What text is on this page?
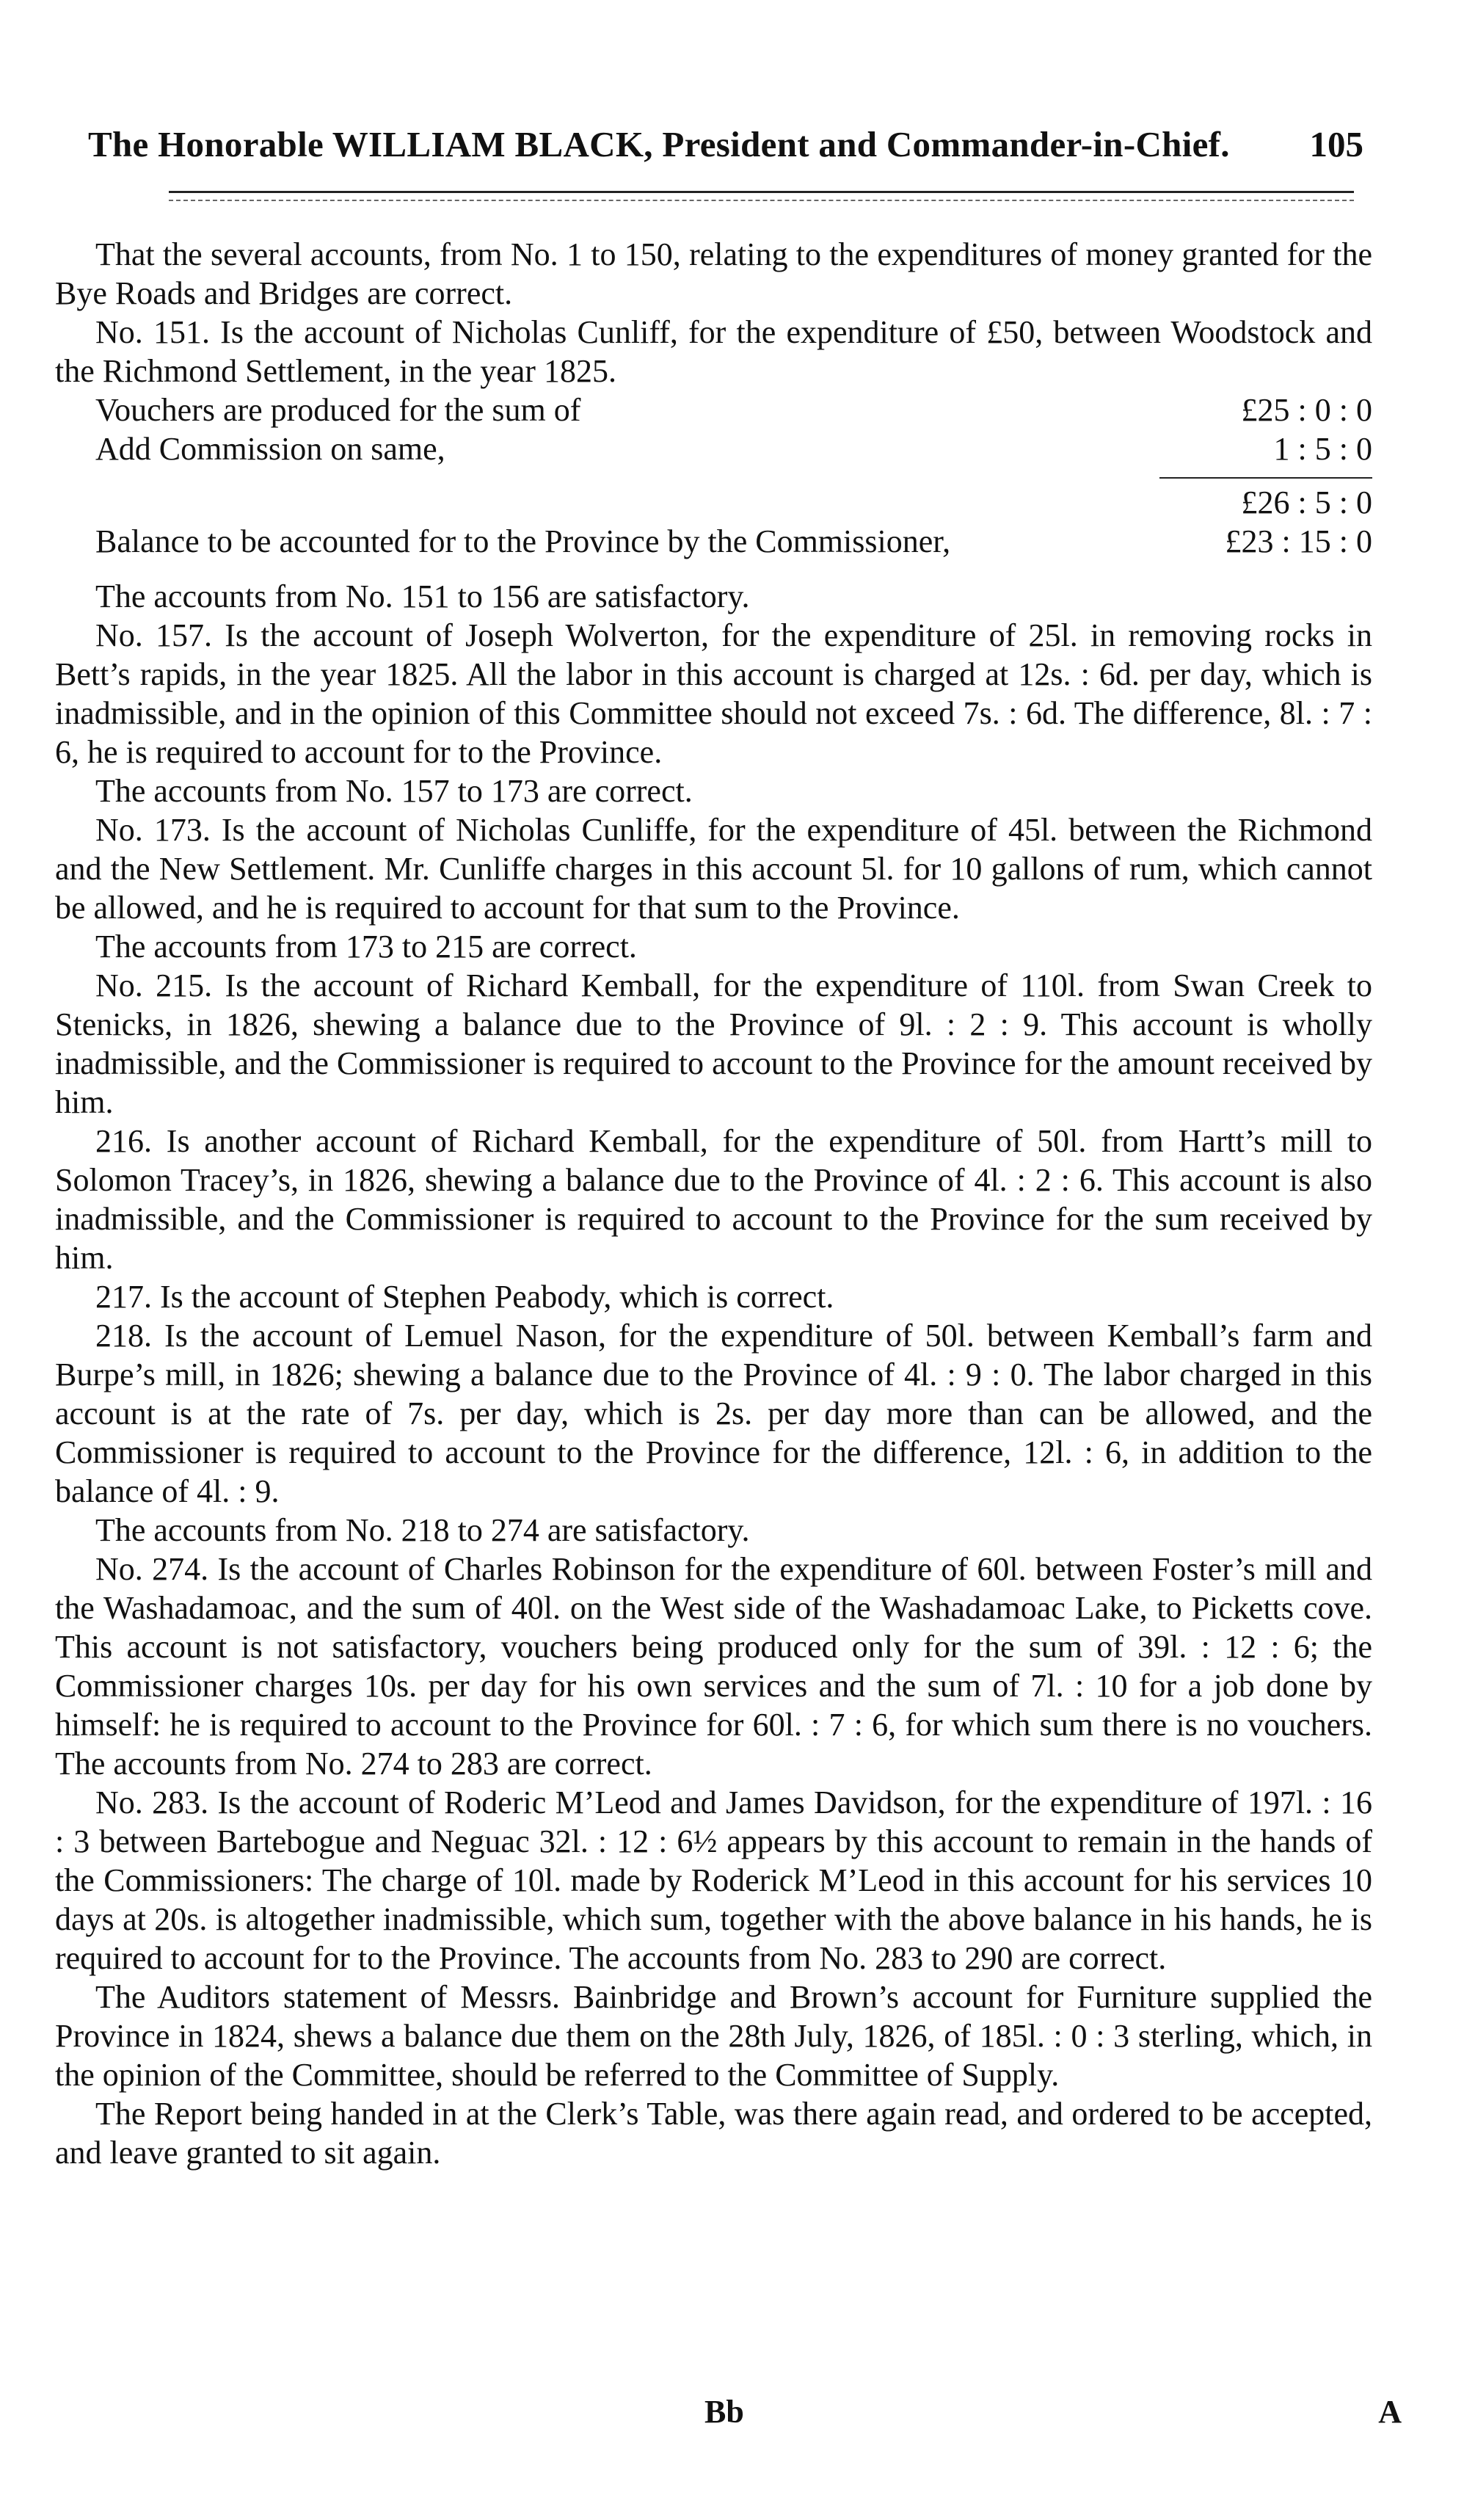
The Honorable WILLIAM BLACK, President and Commander-in-Chief. 105

That the several accounts, from No. 1 to 150, relating to the expenditures of money granted for the Bye Roads and Bridges are correct.

No. 151. Is the account of Nicholas Cunliff, for the expenditure of £50, between Woodstock and the Richmond Settlement, in the year 1825.

Vouchers are produced for the sum of	£25 : 0 : 0
Add Commission on same,	1 : 5 : 0
£26 : 5 : 0
Balance to be accounted for to the Province by the Commissioner,	£23 : 15 : 0

The accounts from No. 151 to 156 are satisfactory.

No. 157. Is the account of Joseph Wolverton, for the expenditure of 25l. in removing rocks in Bett’s rapids, in the year 1825. All the labor in this account is charged at 12s. : 6d. per day, which is inadmissible, and in the opinion of this Committee should not exceed 7s. : 6d. The difference, 8l. : 7 : 6, he is required to account for to the Province.

The accounts from No. 157 to 173 are correct.

No. 173. Is the account of Nicholas Cunliffe, for the expenditure of 45l. between the Richmond and the New Settlement. Mr. Cunliffe charges in this account 5l. for 10 gallons of rum, which cannot be allowed, and he is required to account for that sum to the Province.

The accounts from 173 to 215 are correct.

No. 215. Is the account of Richard Kemball, for the expenditure of 110l. from Swan Creek to Stenicks, in 1826, shewing a balance due to the Province of 9l. : 2 : 9. This account is wholly inadmissible, and the Commissioner is required to account to the Province for the amount received by him.

216. Is another account of Richard Kemball, for the expenditure of 50l. from Hartt’s mill to Solomon Tracey’s, in 1826, shewing a balance due to the Province of 4l. : 2 : 6. This account is also inadmissible, and the Commissioner is required to account to the Province for the sum received by him.

217. Is the account of Stephen Peabody, which is correct.

218. Is the account of Lemuel Nason, for the expenditure of 50l. between Kemball’s farm and Burpe’s mill, in 1826; shewing a balance due to the Province of 4l. : 9 : 0. The labor charged in this account is at the rate of 7s. per day, which is 2s. per day more than can be allowed, and the Commissioner is required to account to the Province for the difference, 12l. : 6, in addition to the balance of 4l. : 9.

The accounts from No. 218 to 274 are satisfactory.

No. 274. Is the account of Charles Robinson for the expenditure of 60l. between Foster’s mill and the Washadamoac, and the sum of 40l. on the West side of the Washadamoac Lake, to Picketts cove. This account is not satisfactory, vouchers being produced only for the sum of 39l. : 12 : 6; the Commissioner charges 10s. per day for his own services and the sum of 7l. : 10 for a job done by himself: he is required to account to the Province for 60l. : 7 : 6, for which sum there is no vouchers. The accounts from No. 274 to 283 are correct.

No. 283. Is the account of Roderic M’Leod and James Davidson, for the expenditure of 197l. : 16 : 3 between Bartebogue and Neguac 32l. : 12 : 6½ appears by this account to remain in the hands of the Commissioners: The charge of 10l. made by Roderick M’Leod in this account for his services 10 days at 20s. is altogether inadmissible, which sum, together with the above balance in his hands, he is required to account for to the Province. The accounts from No. 283 to 290 are correct.

The Auditors statement of Messrs. Bainbridge and Brown’s account for Furniture supplied the Province in 1824, shews a balance due them on the 28th July, 1826, of 185l. : 0 : 3 sterling, which, in the opinion of the Committee, should be referred to the Committee of Supply.

The Report being handed in at the Clerk’s Table, was there again read, and ordered to be accepted, and leave granted to sit again.

Bb	A
